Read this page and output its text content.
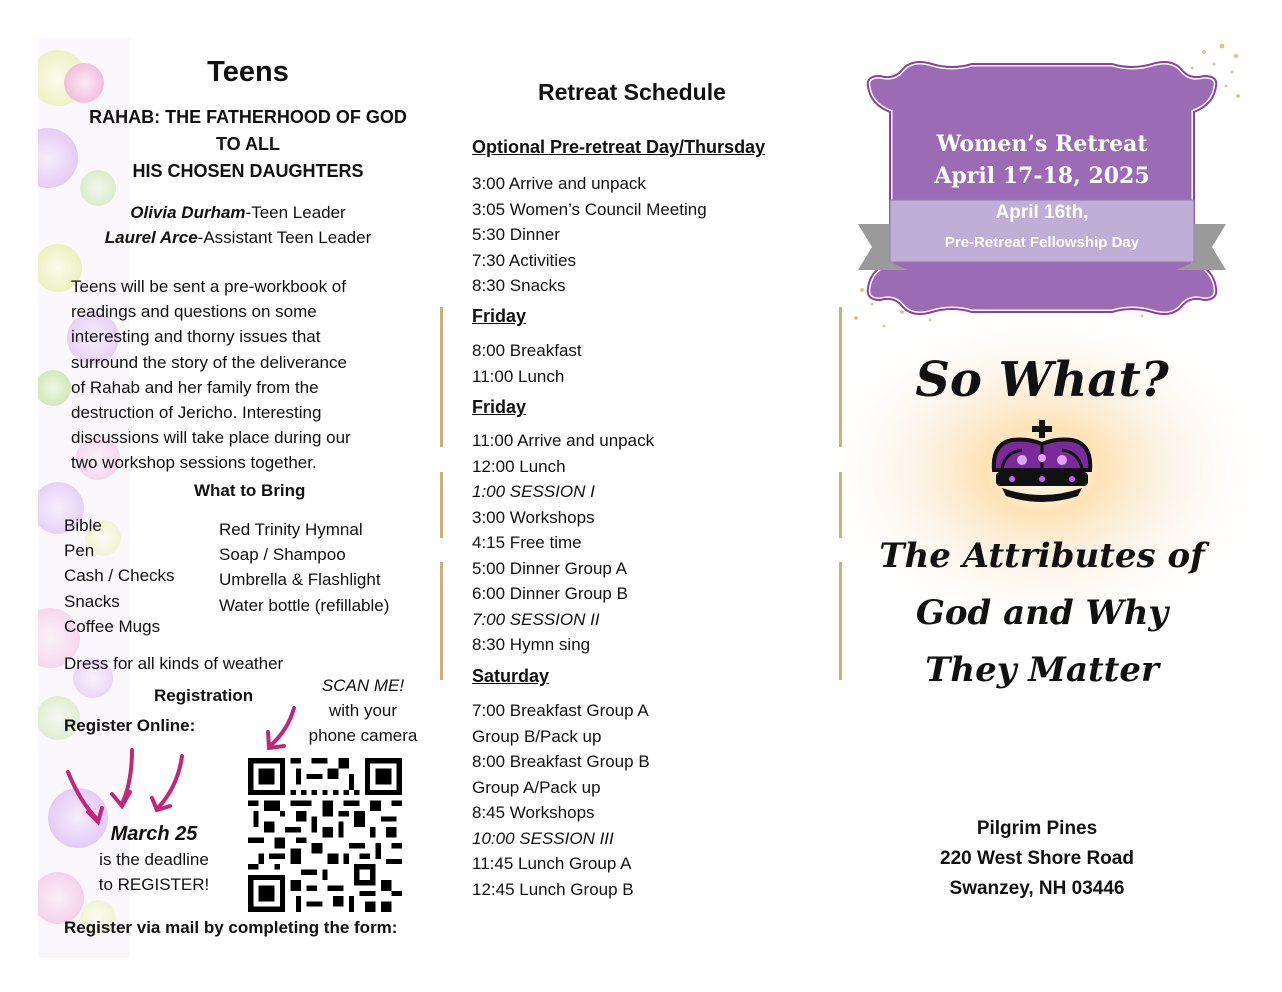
Teens
RAHAB: THE FATHERHOOD OF GOD
TO ALL
HIS CHOSEN DAUGHTERS
Olivia Durham-Teen Leader
Laurel Arce-Assistant Teen Leader
Teens will be sent a pre-workbook of
readings and questions on some
interesting and thorny issues that
surround the story of the deliverance
of Rahab and her family from the
destruction of Jericho. Interesting
discussions will take place during our
two workshop sessions together.
What to Bring
Bible
Pen
Cash / Checks
Snacks
Coffee Mugs
Red Trinity Hymnal
Soap / Shampoo
Umbrella & Flashlight
Water bottle (refillable)
Dress for all kinds of weather
Registration
Register Online:
SCAN ME!
with your
phone camera
March 25
is the deadline
to REGISTER!
Register via mail by completing the form:
Retreat Schedule
Optional Pre-retreat Day/Thursday
3:00 Arrive and unpack
3:05 Women’s Council Meeting
5:30 Dinner
7:30 Activities
8:30 Snacks
Friday
8:00 Breakfast
11:00 Lunch
Friday
11:00 Arrive and unpack
12:00 Lunch
1:00 SESSION I
3:00 Workshops
4:15 Free time
5:00 Dinner Group A
6:00 Dinner Group B
7:00 SESSION II
8:30 Hymn sing
Saturday
7:00 Breakfast Group A
Group B/Pack up
8:00 Breakfast Group B
Group A/Pack up
8:45 Workshops
10:00 SESSION III
11:45 Lunch Group A
12:45 Lunch Group B
Women’s Retreat
April 17-18, 2025
April 16th,
Pre-Retreat Fellowship Day
So What?
The Attributes of
God and Why
They Matter
Pilgrim Pines
220 West Shore Road
Swanzey, NH 03446
